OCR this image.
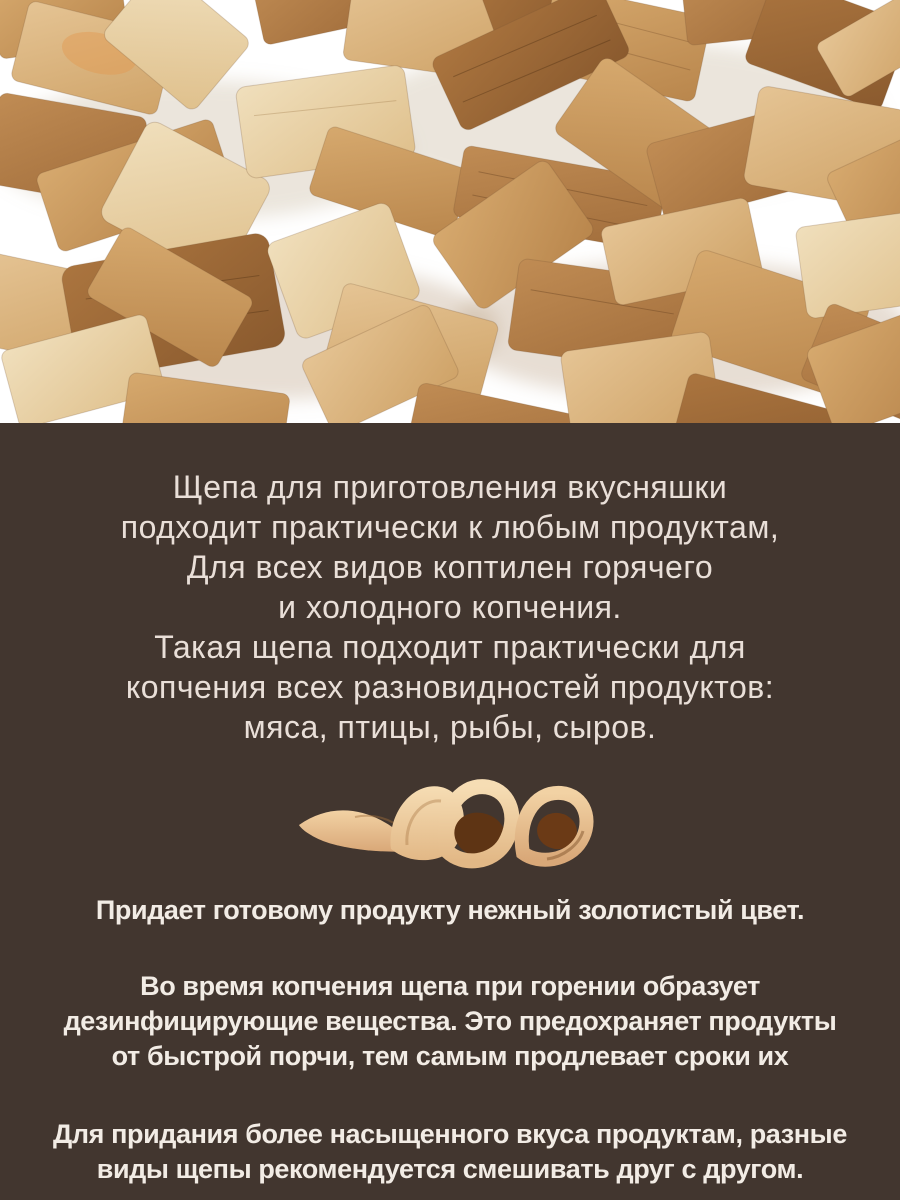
Щепа для приготовления вкусняшки
подходит практически к любым продуктам,
Для всех видов коптилен горячего
и холодного копчения.
Такая щепа подходит практически для
копчения всех разновидностей продуктов:
мяса, птицы, рыбы, сыров.

Придает готовому продукту нежный золотистый цвет.

Во время копчения щепа при горении образует
дезинфицирующие вещества. Это предохраняет продукты
от быстрой порчи, тем самым продлевает сроки их

Для придания более насыщенного вкуса продуктам, разные
виды щепы рекомендуется смешивать друг с другом.
